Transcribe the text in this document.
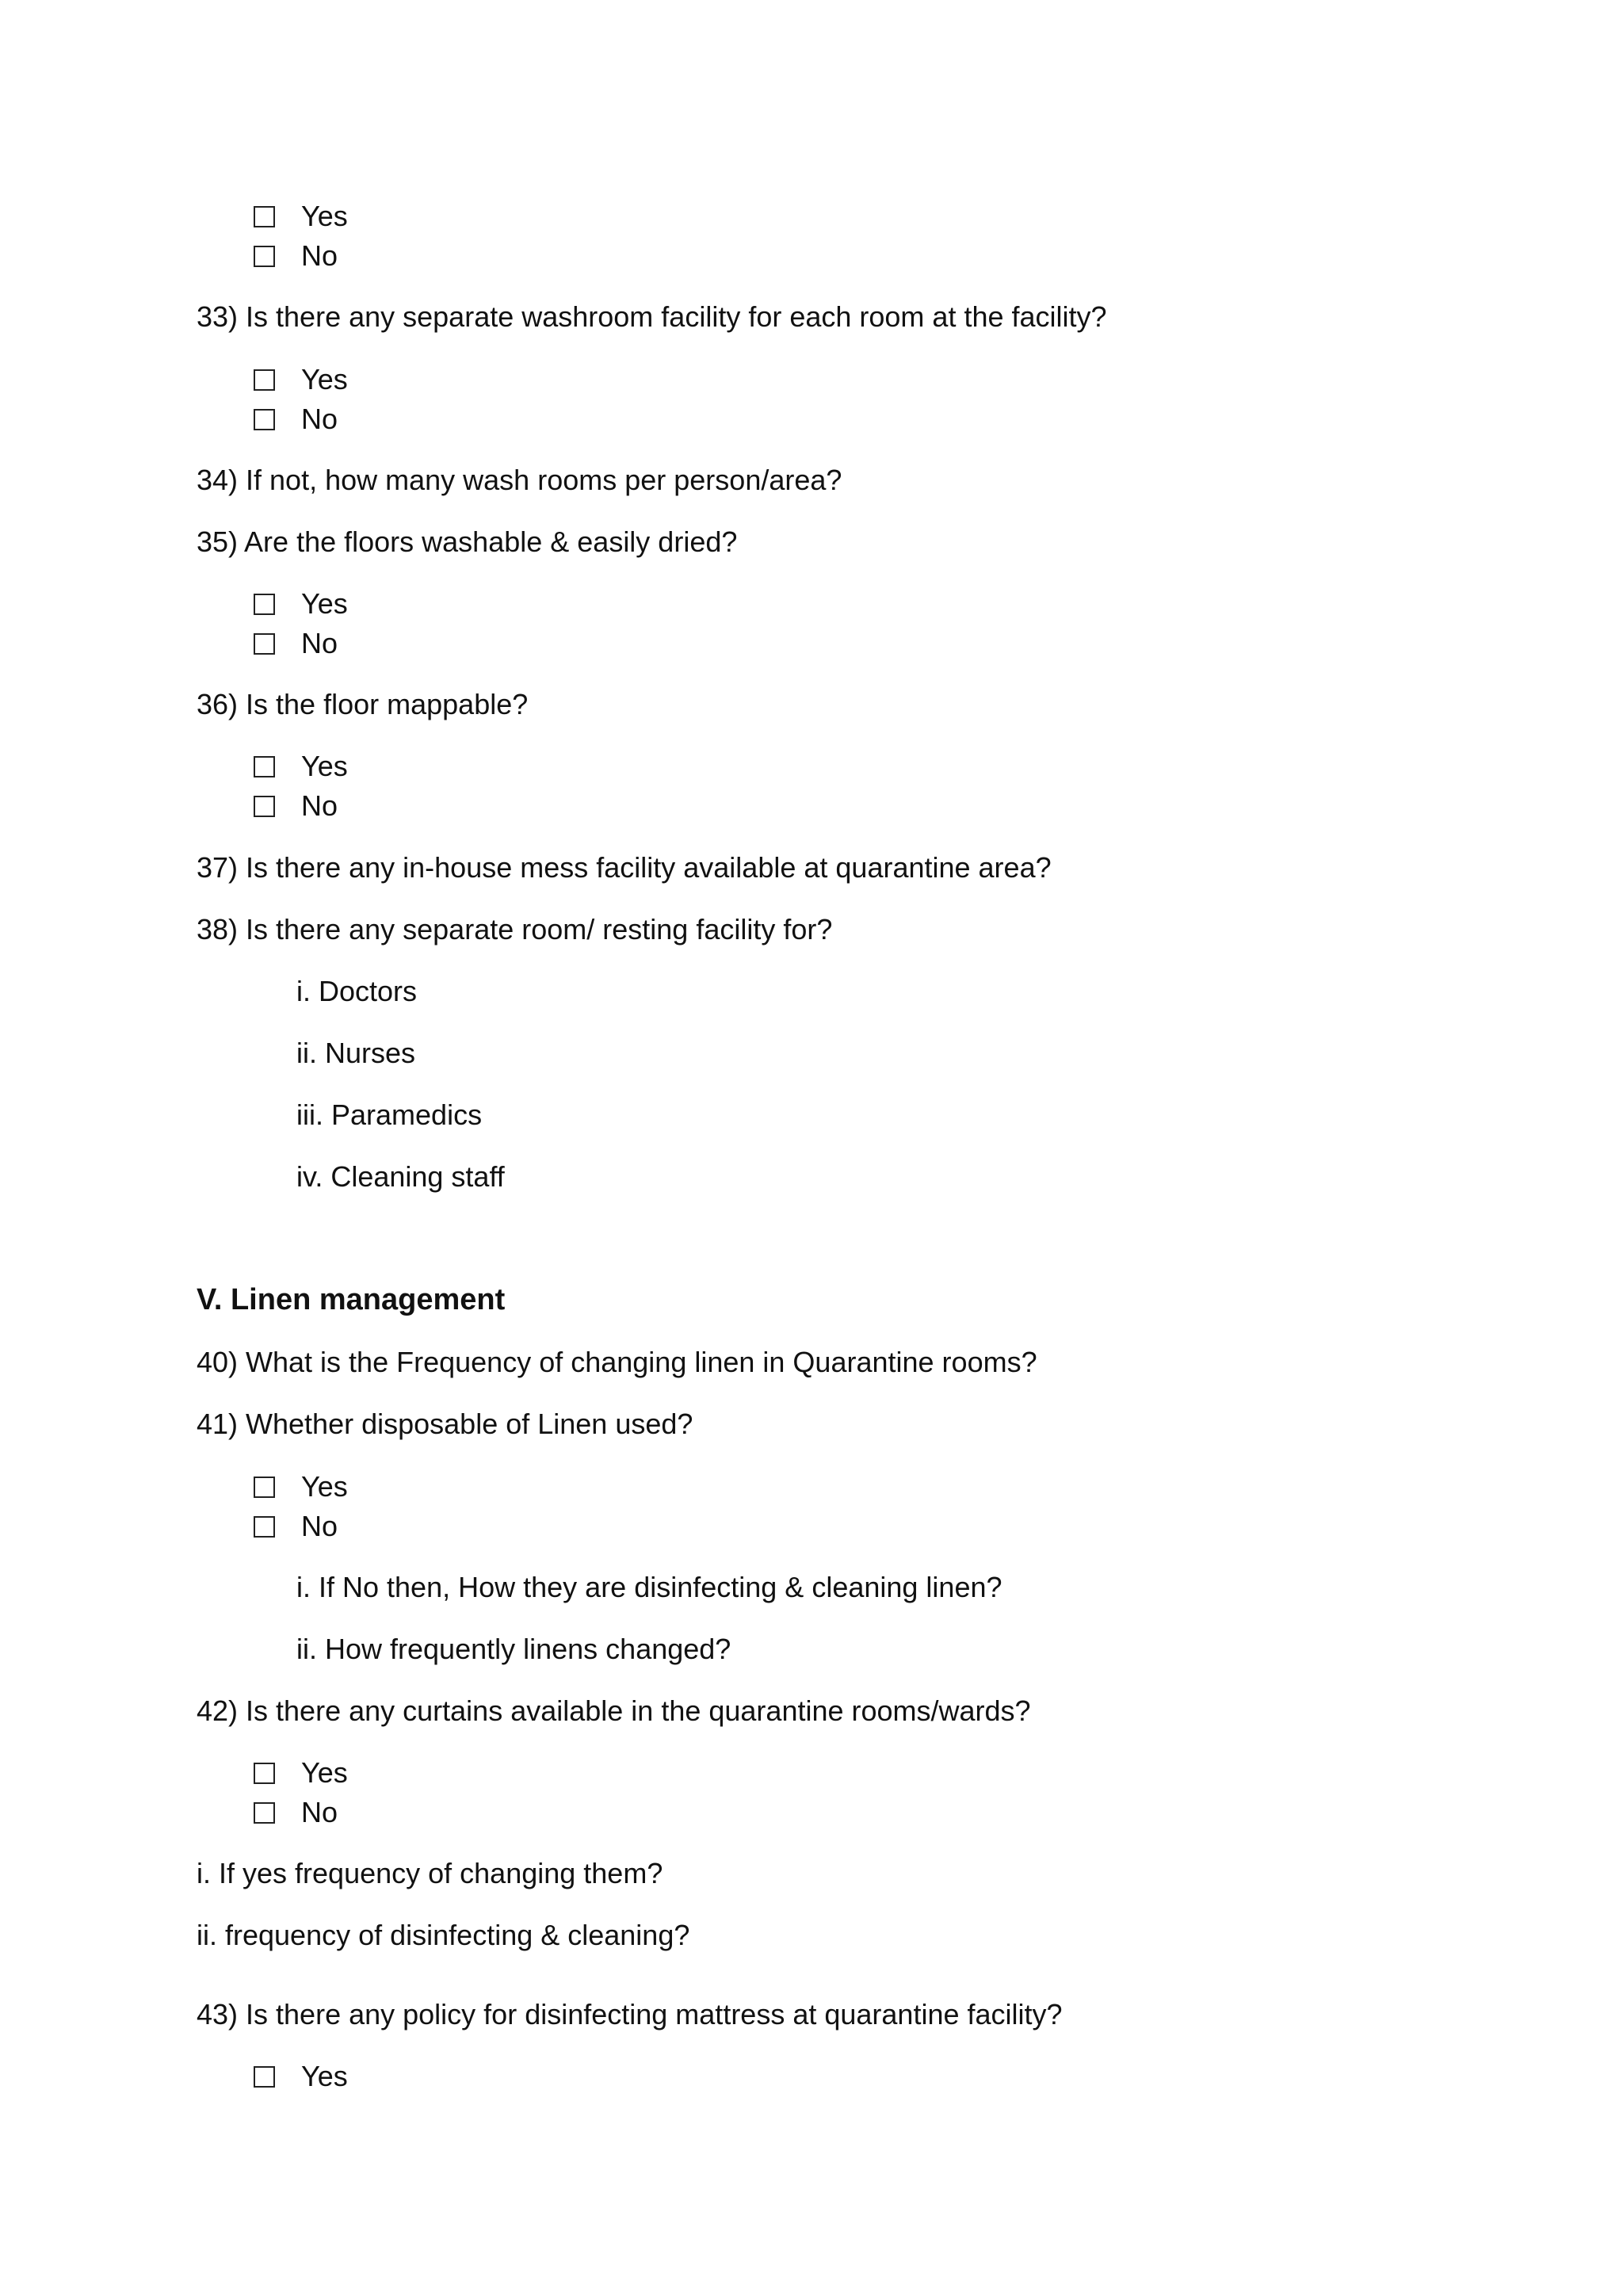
Yes
No
33) Is there any separate washroom facility for each room at the facility?
Yes
No
34) If not, how many wash rooms per person/area?
35) Are the floors washable & easily dried?
Yes
No
36) Is the floor mappable?
Yes
No
37) Is there any in-house mess facility available at quarantine area?
38) Is there any separate room/ resting facility for?
i. Doctors
ii. Nurses
iii. Paramedics
iv. Cleaning staff
V. Linen management
40) What is the Frequency of changing linen in Quarantine rooms?
41) Whether disposable of Linen used?
Yes
No
i. If No then, How they are disinfecting & cleaning linen?
ii. How frequently linens changed?
42) Is there any curtains available in the quarantine rooms/wards?
Yes
No
i. If yes frequency of changing them?
ii. frequency of disinfecting & cleaning?
43) Is there any policy for disinfecting mattress at quarantine facility?
Yes
